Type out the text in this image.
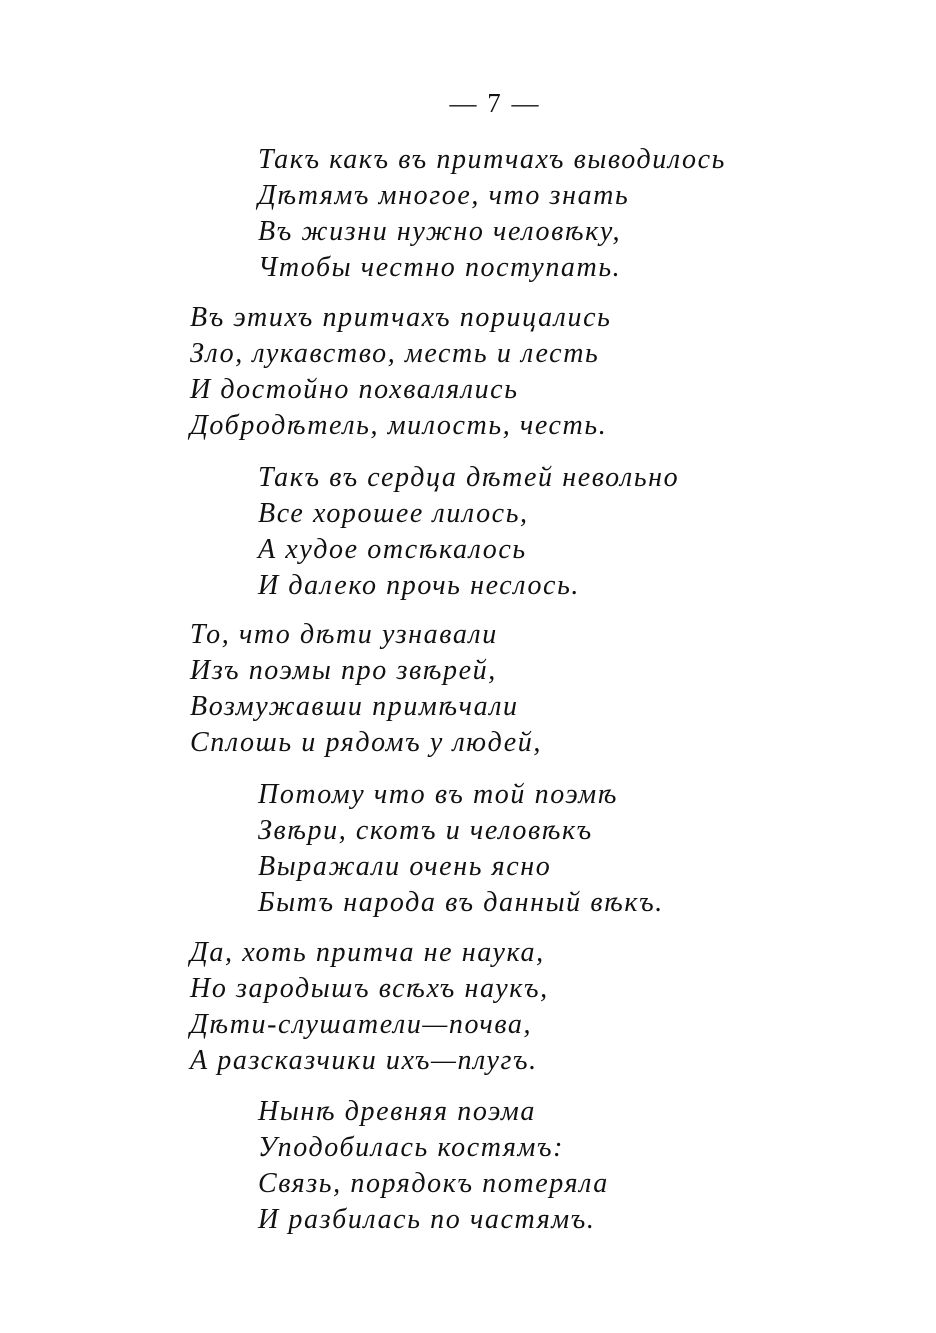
— 7 —
Такъ какъ въ притчахъ выводилось
Дѣтямъ многое, что знать
Въ жизни нужно человѣку,
Чтобы честно поступать.
Въ этихъ притчахъ порицались
Зло, лукавство, месть и лесть
И достойно похвалялись
Добродѣтель, милость, честь.
Такъ въ сердца дѣтей невольно
Все хорошее лилось,
А худое отсѣкалось
И далеко прочь неслось.
То, что дѣти узнавали
Изъ поэмы про звѣрей,
Возмужавши примѣчали
Сплошь и рядомъ у людей,
Потому что въ той поэмѣ
Звѣри, скотъ и человѣкъ
Выражали очень ясно
Бытъ народа въ данный вѣкъ.
Да, хоть притча не наука,
Но зародышъ всѣхъ наукъ,
Дѣти-слушатели—почва,
А разсказчики ихъ—плугъ.
Нынѣ древняя поэма
Уподобилась костямъ:
Связь, порядокъ потеряла
И разбилась по частямъ.
